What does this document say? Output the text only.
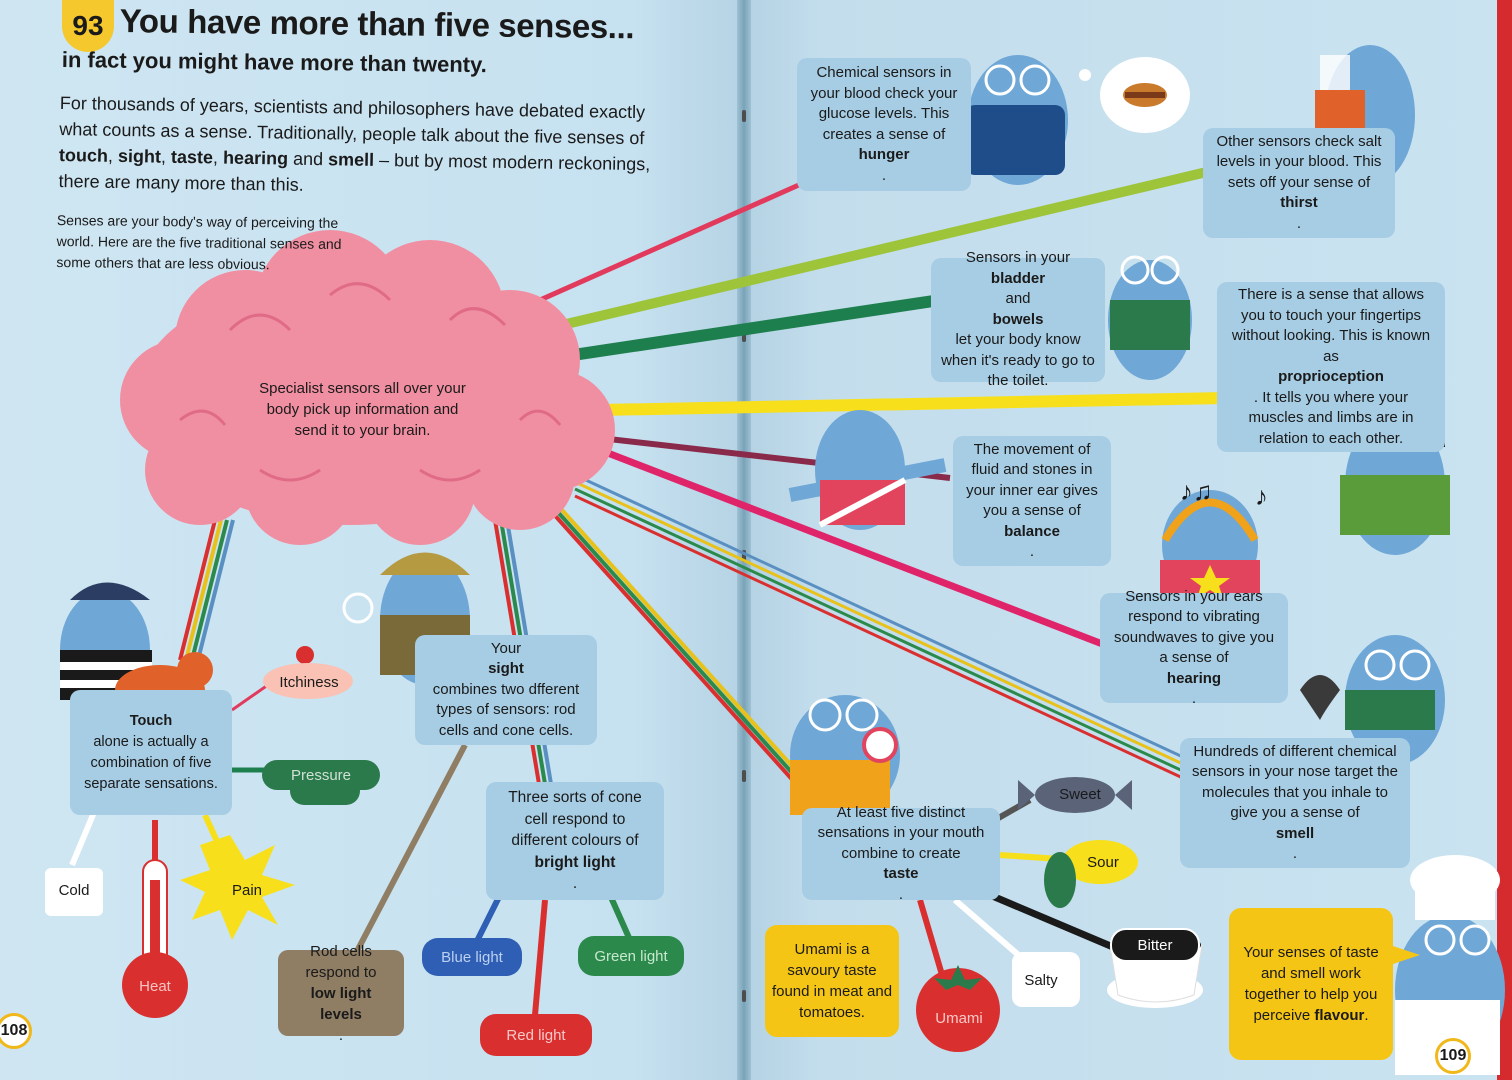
♪♫ ♪
93 You have more than five senses...
in fact you might have more than twenty.
For thousands of years, scientists and philosophers have debated exactly what counts as a sense. Traditionally, people talk about the five senses of touch, sight, taste, hearing and smell – but by most modern reckonings, there are many more than this.
Senses are your body's way of perceiving the world. Here are the five traditional senses and some others that are less obvious.
Specialist sensors all over your body pick up information and send it to your brain.
Touch
alone is actually a combination of five separate sensations.
Itchiness
Pressure
Cold	Pain
Heat
Your
sight
combines two dfferent types of sensors: rod cells and cone cells.
Three sorts of cone cell respond to different colours of
bright light
.
Rod cells respond to
low light levels
.
Blue light
Red light
Green light
108
Chemical sensors in your blood check your glucose levels. This creates a sense of
hunger
.
Other sensors check salt levels in your blood. This sets off your sense of
thirst
.
Sensors in your
bladder
and
bowels
let your body know when it's ready to go to the toilet.
There is a sense that allows you to touch your fingertips without looking. This is known as
proprioception
. It tells you where your muscles and limbs are in relation to each other.
The movement of fluid and stones in your inner ear gives you a sense of
balance
.
Sensors in your ears respond to vibrating soundwaves to give you a sense of
hearing
.
Hundreds of different chemical sensors in your nose target the molecules that you inhale to give you a sense of
smell
.
At least five distinct sensations in your mouth combine to create
taste
.
Sweet
Sour
Bitter
Salty
Umami
Umami is a savoury taste found in meat and tomatoes.
Your senses of taste and smell work together to help you perceive flavour.
109
